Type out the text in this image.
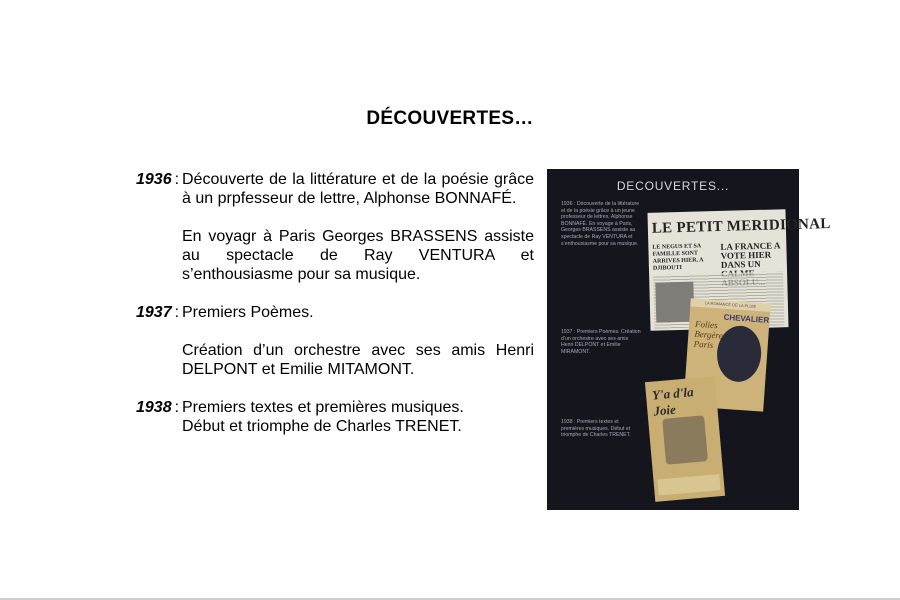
DÉCOUVERTES…
1936 : Découverte de la littérature et de la poésie grâce à un prpfesseur de lettre, Alphonse BONNAFÉ.

En voyagr à Paris Georges BRASSENS assiste au spectacle de Ray VENTURA et s’enthousiasme pour sa musique.

1937 : Premiers Poèmes.

Création d’un orchestre avec ses amis Henri DELPONT et Emilie MITAMONT.

1938 : Premiers textes et premières musiques. Début et triomphe de Charles TRENET.

DECOUVERTES...
1936 : Découverte de la littérature et de la poésie grâce à un jeune professeur de lettres, Alphonse BONNAFÉ. En voyage à Paris, Georges BRASSENS assiste au spectacle de Ray VENTURA et s’enthousiasme pour sa musique.
1937 : Premiers Poèmes. Création d’un orchestre avec ses amis Henri DELPONT et Emilie MIRAMONT.
1938 : Premiers textes et premières musiques. Début et triomphe de Charles TRENET.
LE PETIT MERIDIONAL
LE NEGUS ET SA FAMILLE SONT ARRIVES HIER, A DJIBOUTI
LA FRANCE A VOTE HIER DANS UN
LA ROMANCE DE LA PLUIE
CHEVALIER
Folies Bergère Paris
Y'a d'la Joie
